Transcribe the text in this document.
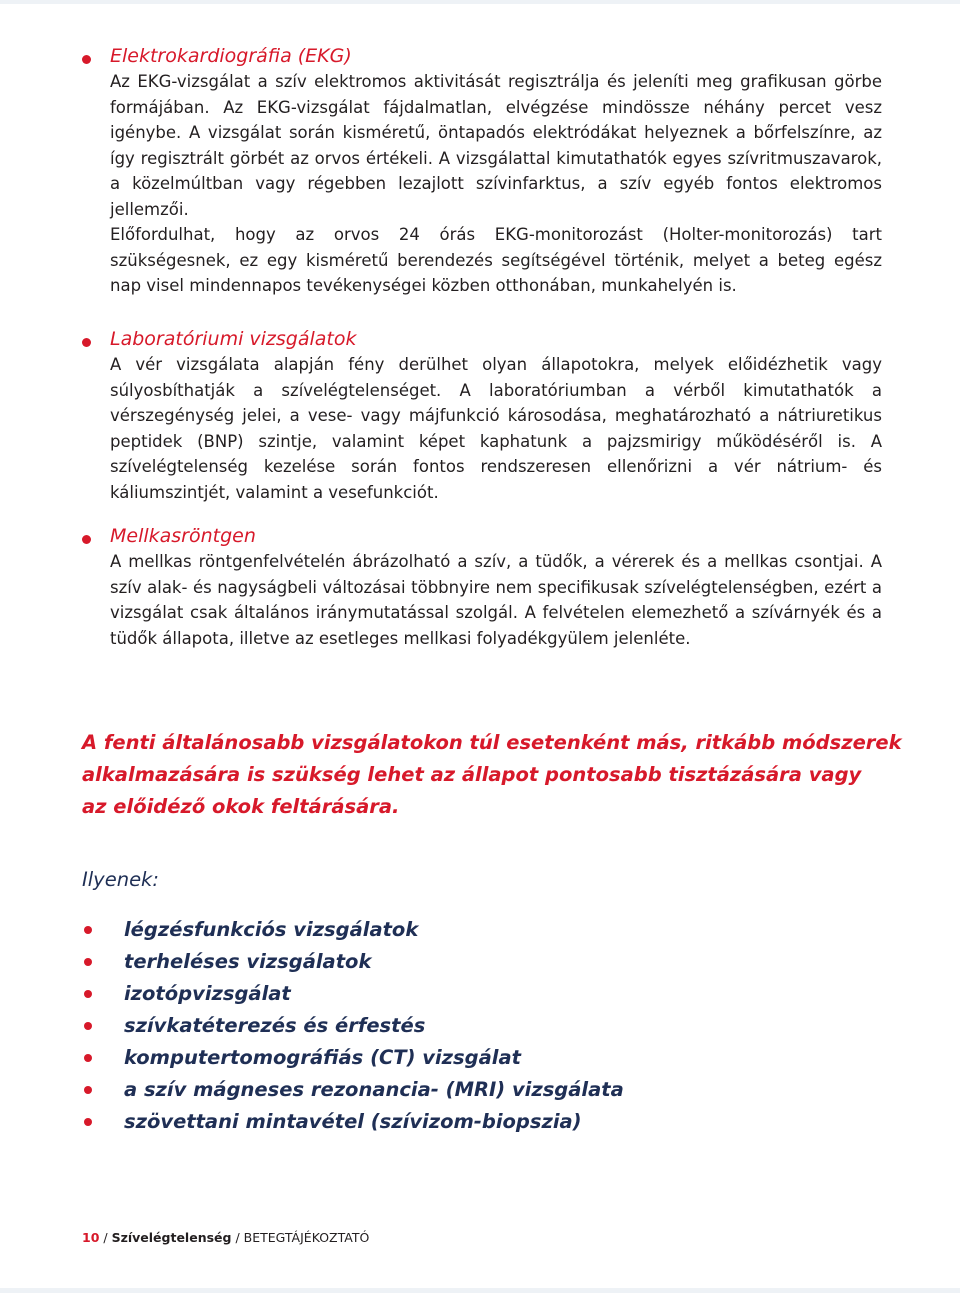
Elektrokardiográfia (EKG)

Az EKG-vizsgálat a szív elektromos aktivitását regisztrálja és jeleníti meg grafikusan görbe formájában. Az EKG-vizsgálat fájdalmatlan, elvégzése mindössze néhány percet vesz igénybe. A vizsgálat során kisméretű, öntapadós elektródákat helyeznek a bőrfelszínre, az így regisztrált görbét az orvos értékeli. A vizsgálattal kimutathatók egyes szívritmuszavarok, a közelmúltban vagy régebben lezajlott szívinfarktus, a szív egyéb fontos elektromos jellemzői.

Előfordulhat, hogy az orvos 24 órás EKG-monitorozást (Holter-monitorozás) tart szükségesnek, ez egy kisméretű berendezés segítségével történik, melyet a beteg egész nap visel mindennapos tevékenységei közben otthonában, munkahelyén is.

Laboratóriumi vizsgálatok

A vér vizsgálata alapján fény derülhet olyan állapotokra, melyek előidézhetik vagy súlyosbíthatják a szívelégtelenséget. A laboratóriumban a vérből kimutathatók a vérszegénység jelei, a vese- vagy májfunkció károsodása, meghatározható a nátriuretikus peptidek (BNP) szintje, valamint képet kaphatunk a pajzsmirigy működéséről is. A szívelégtelenség kezelése során fontos rendszeresen ellenőrizni a vér nátrium- és káliumszintjét, valamint a vesefunkciót.

Mellkasröntgen

A mellkas röntgenfelvételén ábrázolható a szív, a tüdők, a vérerek és a mellkas csontjai. A szív alak- és nagyságbeli változásai többnyire nem specifikusak szívelégtelenségben, ezért a vizsgálat csak általános iránymutatással szolgál. A felvételen elemezhető a szívárnyék és a tüdők állapota, illetve az esetleges mellkasi folyadékgyülem jelenléte.

A fenti általánosabb vizsgálatokon túl esetenként más, ritkább módszerek
alkalmazására is szükség lehet az állapot pontosabb tisztázására vagy
az előidéző okok feltárására.

Ilyenek:

légzésfunkciós vizsgálatok
terheléses vizsgálatok
izotópvizsgálat
szívkatéterezés és érfestés
komputertomográfiás (CT) vizsgálat
a szív mágneses rezonancia- (MRI) vizsgálata
szövettani mintavétel (szívizom-biopszia)
10 / Szívelégtelenség / BETEGTÁJÉKOZTATÓ
